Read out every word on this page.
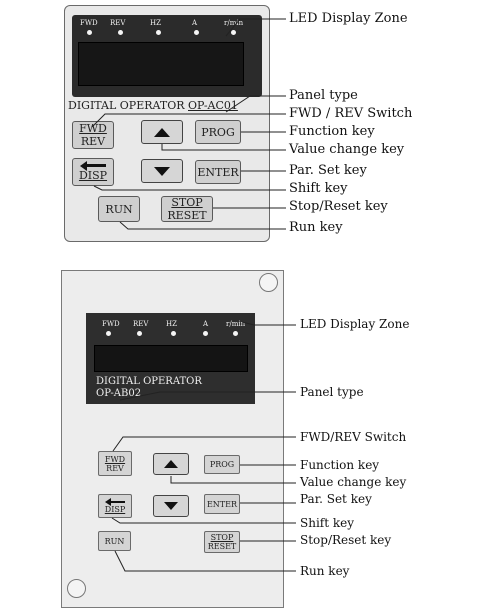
FWD REV	HZ	A	r/min
DIGITAL OPERATOR OP-AC01
FWD
REV
PROG
DISP	ENTER
RUN	STOP
RESET
LED Display Zone
Panel type
FWD / REV Switch
Function key
Value change key
Par. Set key
Shift key
Stop/Reset key
Run key
FWD REV	HZ	A	r/min
DIGITAL OPERATOR
OP-AB02
FWD
REV	PROG
DISP
ENTER
RUN	STOP
RESET
LED Display Zone
Panel type
FWD/REV Switch
Function key
Value change key
Par. Set key
Shift key
Stop/Reset key
Run key
